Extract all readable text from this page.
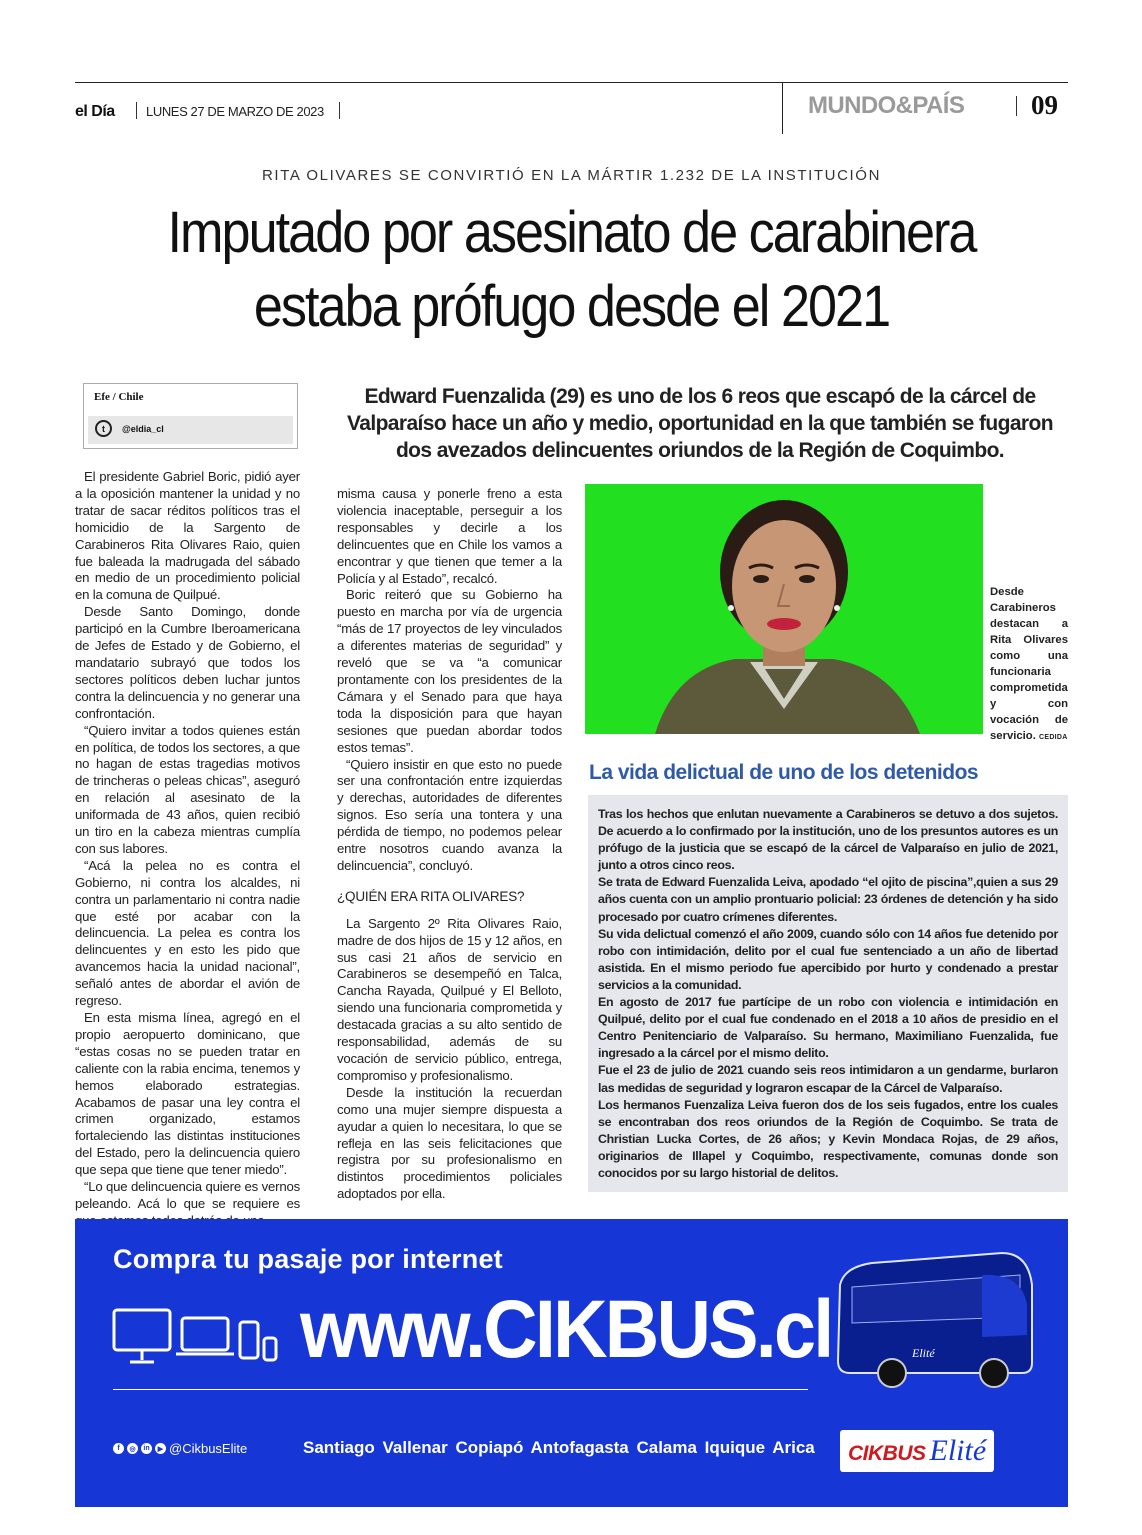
el Día LUNES 27 DE MARZO DE 2023	MUNDO&PAÍS 09
RITA OLIVARES SE CONVIRTIÓ EN LA MÁRTIR 1.232 DE LA INSTITUCIÓN
Imputado por asesinato de carabinera estaba prófugo desde el 2021
Efe / Chile
t	@eldia_cl
Edward Fuenzalida (29) es uno de los 6 reos que escapó de la cárcel de Valparaíso hace un año y medio, oportunidad en la que también se fugaron dos avezados delincuentes oriundos de la Región de Coquimbo.

El presidente Gabriel Boric, pidió ayer a la oposición mantener la unidad y no tratar de sacar réditos políticos tras el homicidio de la Sargento de Carabineros Rita Olivares Raio, quien fue baleada la madrugada del sábado en medio de un procedimiento policial en la comuna de Quilpué.

Desde Santo Domingo, donde participó en la Cumbre Iberoamericana de Jefes de Estado y de Gobierno, el mandatario subrayó que todos los sectores políticos deben luchar juntos contra la delincuencia y no generar una confrontación.

“Quiero invitar a todos quienes están en política, de todos los sectores, a que no hagan de estas tragedias motivos de trincheras o peleas chicas”, aseguró en relación al asesinato de la uniformada de 43 años, quien recibió un tiro en la cabeza mientras cumplía con sus labores.

“Acá la pelea no es contra el Gobierno, ni contra los alcaldes, ni contra un parlamentario ni contra nadie que esté por acabar con la delincuencia. La pelea es contra los delincuentes y en esto les pido que avancemos hacia la unidad nacional”, señaló antes de abordar el avión de regreso.

En esta misma línea, agregó en el propio aeropuerto dominicano, que “estas cosas no se pueden tratar en caliente con la rabia encima, tenemos y hemos elaborado estrategias. Acabamos de pasar una ley contra el crimen organizado, estamos fortaleciendo las distintas instituciones del Estado, pero la delincuencia quiero que sepa que tiene que tener miedo”.

“Lo que delincuencia quiere es vernos peleando. Acá lo que se requiere es

misma causa y ponerle freno a esta violencia inaceptable, perseguir a los responsables y decirle a los delincuentes que en Chile los vamos a encontrar y que tienen que temer a la Policía y al Estado”, recalcó.

Boric reiteró que su Gobierno ha puesto en marcha por vía de urgencia “más de 17 proyectos de ley vinculados a diferentes materias de seguridad” y reveló que se va “a comunicar prontamente con los presidentes de la Cámara y el Senado para que haya toda la disposición para que hayan sesiones que puedan abordar todos estos temas”.

“Quiero insistir en que esto no puede ser una confrontación entre izquierdas y derechas, autoridades de diferentes signos. Eso sería una tontera y una pérdida de tiempo, no podemos pelear entre nosotros cuando avanza la delincuencia”, concluyó.

¿QUIÉN ERA RITA OLIVARES?

La Sargento 2º Rita Olivares Raio, madre de dos hijos de 15 y 12 años, en sus casi 21 años de servicio en Carabineros se desempeñó en Talca, Cancha Rayada, Quilpué y El Belloto, siendo una funcionaria comprometida y destacada gracias a su alto sentido de responsabilidad, además de su vocación de servicio público, entrega, compromiso y profesionalismo.

Desde la institución la recuerdan como una mujer siempre dispuesta a ayudar a quien lo necesitara, lo que se refleja en las seis felicitaciones que registra por su profesionalismo en distintos procedimientos policiales adoptados por ella.

Desde Carabineros destacan a Rita Olivares como una funcionaria comprometida y con vocación de servicio. CEDIDA
La vida delictual de uno de los detenidos

Tras los hechos que enlutan nuevamente a Carabineros se detuvo a dos sujetos. De acuerdo a lo confirmado por la institución, uno de los presuntos autores es un prófugo de la justicia que se escapó de la cárcel de Valparaíso en julio de 2021, junto a otros cinco reos.

Se trata de Edward Fuenzalida Leiva, apodado “el ojito de piscina”,quien a sus 29 años cuenta con un amplio prontuario policial: 23 órdenes de detención y ha sido procesado por cuatro crímenes diferentes.

Su vida delictual comenzó el año 2009, cuando sólo con 14 años fue detenido por robo con intimidación, delito por el cual fue sentenciado a un año de libertad asistida. En el mismo periodo fue apercibido por hurto y condenado a prestar servicios a la comunidad.

En agosto de 2017 fue partícipe de un robo con violencia e intimidación en Quilpué, delito por el cual fue condenado en el 2018 a 10 años de presidio en el Centro Penitenciario de Valparaíso. Su hermano, Maximiliano Fuenzalida, fue ingresado a la cárcel por el mismo delito.

Fue el 23 de julio de 2021 cuando seis reos intimidaron a un gendarme, burlaron las medidas de seguridad y lograron escapar de la Cárcel de Valparaíso.

Los hermanos Fuenzaliza Leiva fueron dos de los seis fugados, entre los cuales se encontraban dos reos oriundos de la Región de Coquimbo. Se trata de Christian Lucka Cortes, de 26 años; y Kevin Mondaca Rojas, de 29 años, originarios de Illapel y Coquimbo, respectivamente, comunas donde son conocidos por su largo historial de delitos.

Compra tu pasaje por internet
www.CIKBUS.cl	Elité
f	◎	in	▶ @CikbusElite	Santiago Vallenar Copiapó Antofagasta Calama Iquique Arica CIKBUS Elité
